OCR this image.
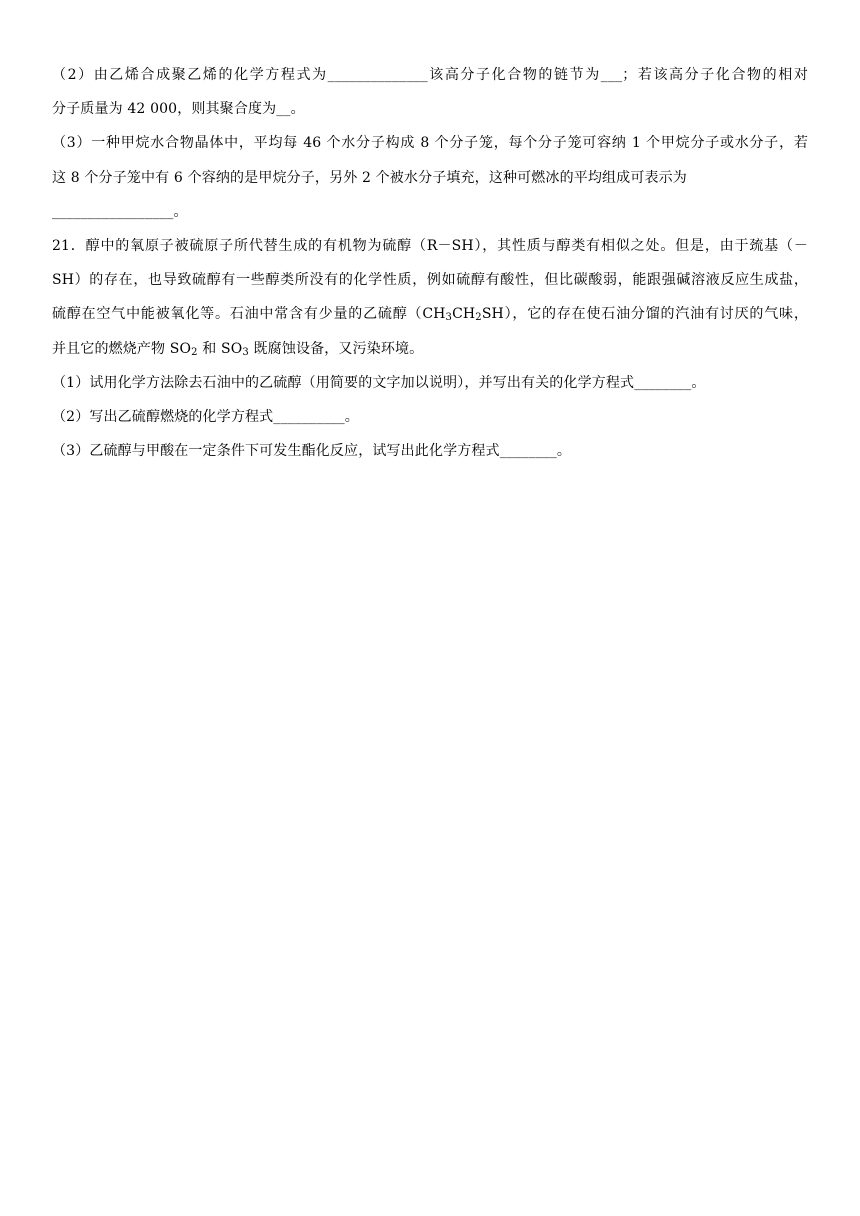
（2）由乙烯合成聚乙烯的化学方程式为______________该高分子化合物的链节为___；若该高分子化合物的相对
分子质量为 42 000，则其聚合度为__。
（3）一种甲烷水合物晶体中，平均每 46 个水分子构成 8 个分子笼，每个分子笼可容纳 1 个甲烷分子或水分子，若
这 8 个分子笼中有 6 个容纳的是甲烷分子，另外 2 个被水分子填充，这种可燃冰的平均组成可表示为
_________________。
21．醇中的氧原子被硫原子所代替生成的有机物为硫醇（R－SH），其性质与醇类有相似之处。但是，由于巯基（－
SH）的存在，也导致硫醇有一些醇类所没有的化学性质，例如硫醇有酸性，但比碳酸弱，能跟强碱溶液反应生成盐，
硫醇在空气中能被氧化等。石油中常含有少量的乙硫醇$(CH_3CH_2SH)$，它的存在使石油分馏的汽油有讨厌的气味，
并且它的燃烧产物 $SO_2$ 和 $SO_3$ 既腐蚀设备，又污染环境。
（1）试用化学方法除去石油中的乙硫醇（用简要的文字加以说明），并写出有关的化学方程式________。
（2）写出乙硫醇燃烧的化学方程式__________。
（3）乙硫醇与甲酸在一定条件下可发生酯化反应，试写出此化学方程式________。
